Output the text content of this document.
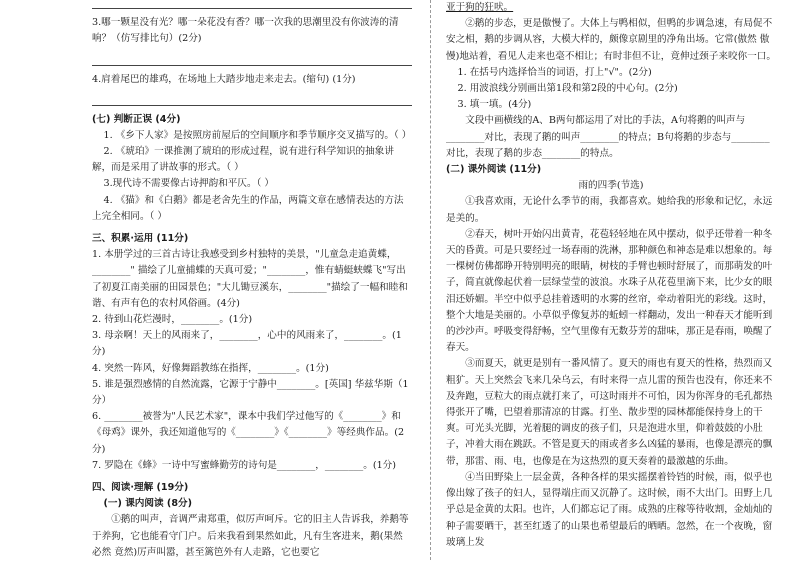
3.哪一颗星没有光？哪一朵花没有香？哪一次我的思潮里没有你波涛的清响？（仿写排比句）(2分)

4.肩着尾巴的雄鸡，在场地上大踏步地走来走去。(缩句) (1分)

(七) 判断正误 (4分)

1. 《乡下人家》是按照房前屋后的空间顺序和季节顺序交叉描写的。（ ）

2. 《琥珀》一课推测了琥珀的形成过程，说有进行科学知识的抽象讲解，而是采用了讲故事的形式。（ ）

3.现代诗不需要像古诗押韵和平仄。（ ）

4. 《猫》和《白鹅》都是老舍先生的作品，两篇文章在感情表达的方法上完全相同。（ ）

三、积累·运用 (11分)

1. 本册学过的三首古诗让我感受到乡村独特的美景，"儿童急走追黄蝶，________" 描绘了儿童捕蝶的天真可爱；"________，惟有蜻蜓蛱蝶飞"写出了初夏江南美丽的田园景色；"大儿锄豆溪东，________"描绘了一幅和睦和谐、有声有色的农村风俗画。(4分)

2. 待到山花烂漫时，________。(1分)

3. 母亲啊！天上的风雨来了，________，心中的风雨来了，________。(1分)

4. 突然一阵风，好像舞蹈教练在指挥，________。(1分)

5. 谁是强烈感情的自然流露，它源于宁静中________。[英国] 华兹华斯（1分）

6. ________被誉为"人民艺术家"，课本中我们学过他写的《________》和《母鸡》课外，我还知道他写的《________》《________》等经典作品。(2分)

7. 罗隐在《蜂》一诗中写蜜蜂勤劳的诗句是________，________。(1分)

四、阅读·理解 (19分)

(一) 课内阅读 (8分)

①鹅的叫声，音调严肃郑重，似厉声呵斥。它的旧主人告诉我，养鹅等于养狗，它也能看守门户。后来我看到果然如此，凡有生客进来，鹅(果然 必然 竟然)厉声叫嚣，甚至篱笆外有人走路，它也要它

亚于狗的狂吠。

②鹅的步态，更是傲慢了。大体上与鸭相似，但鸭的步调急速，有局促不安之相，鹅的步调从容，大模大样的，颇像京剧里的净角出场。它常(傲然 傲慢)地站着，看见人走来也毫不相让；有时非但不让，竟伸过颈子来咬你一口。

1. 在括号内选择恰当的词语，打上"√"。(2分)

2. 用波浪线分别画出第1段和第2段的中心句。(2分)

3. 填一填。(4分)

文段中画横线的A、B两句都运用了对比的手法，A句将鹅的叫声与________对比，表现了鹅的叫声________的特点；B句将鹅的步态与________对比，表现了鹅的步态________的特点。

(二) 课外阅读 (11分)

雨的四季(节选)

①我喜欢雨，无论什么季节的雨，我都喜欢。她给我的形象和记忆，永远是美的。

②春天，树叶开始闪出黄青，花苞轻轻地在风中摆动，似乎还带着一种冬天的昏黄。可是只要经过一场春雨的洗淋，那种颜色和神态是难以想象的。每一棵树仿佛都睁开特别明亮的眼睛，树枝的手臂也顿时舒展了，而那萌发的叶子，简直就像起伏着一层绿莹莹的波浪。水珠子从花苞里滴下来，比少女的眼泪还娇媚。半空中似乎总挂着透明的水雾的丝帘，牵动着阳光的彩线。这时，整个大地是美丽的。小草似乎像复苏的蚯蚓一样翻动，发出一种春天才能听到的沙沙声。呼吸变得舒畅，空气里像有无数芬芳的甜味，那正是春雨，唤醒了春天。

③而夏天，就更是别有一番风情了。夏天的雨也有夏天的性格，热烈而又粗犷。天上突然会飞来几朵乌云，有时来得一点儿雷的预告也没有，你还来不及奔跑，豆粒大的雨点就打来了，可这时雨并不可怕，因为你浑身的毛孔都热得张开了嘴，巴望着那清凉的甘露。打坐、散步型的园林都能保持身上的干爽。可光头光脚，光着腿的调皮的孩子们，只是泡进水里，仰着鼓鼓的小肚子，冲着大雨在跳跃。不管是夏天的雨或者多么凶猛的暴雨，也像是漂亮的飘带，那雷、雨、电，也像是在为这热烈的夏天奏着的最激越的乐曲。

④当田野染上一层金黄，各种各样的果实摇摆着铃铛的时候，雨，似乎也像出嫁了孩子的妇人，显得端庄而又沉静了。这时候，雨不大出门。田野上几乎总是金黄的太阳。也许，人们都忘记了雨。成熟的庄稼等待收割，金灿灿的种子需要晒干，甚至红透了的山果也希望最后的晒晒。忽然，在一个夜晚，窗玻璃上发
